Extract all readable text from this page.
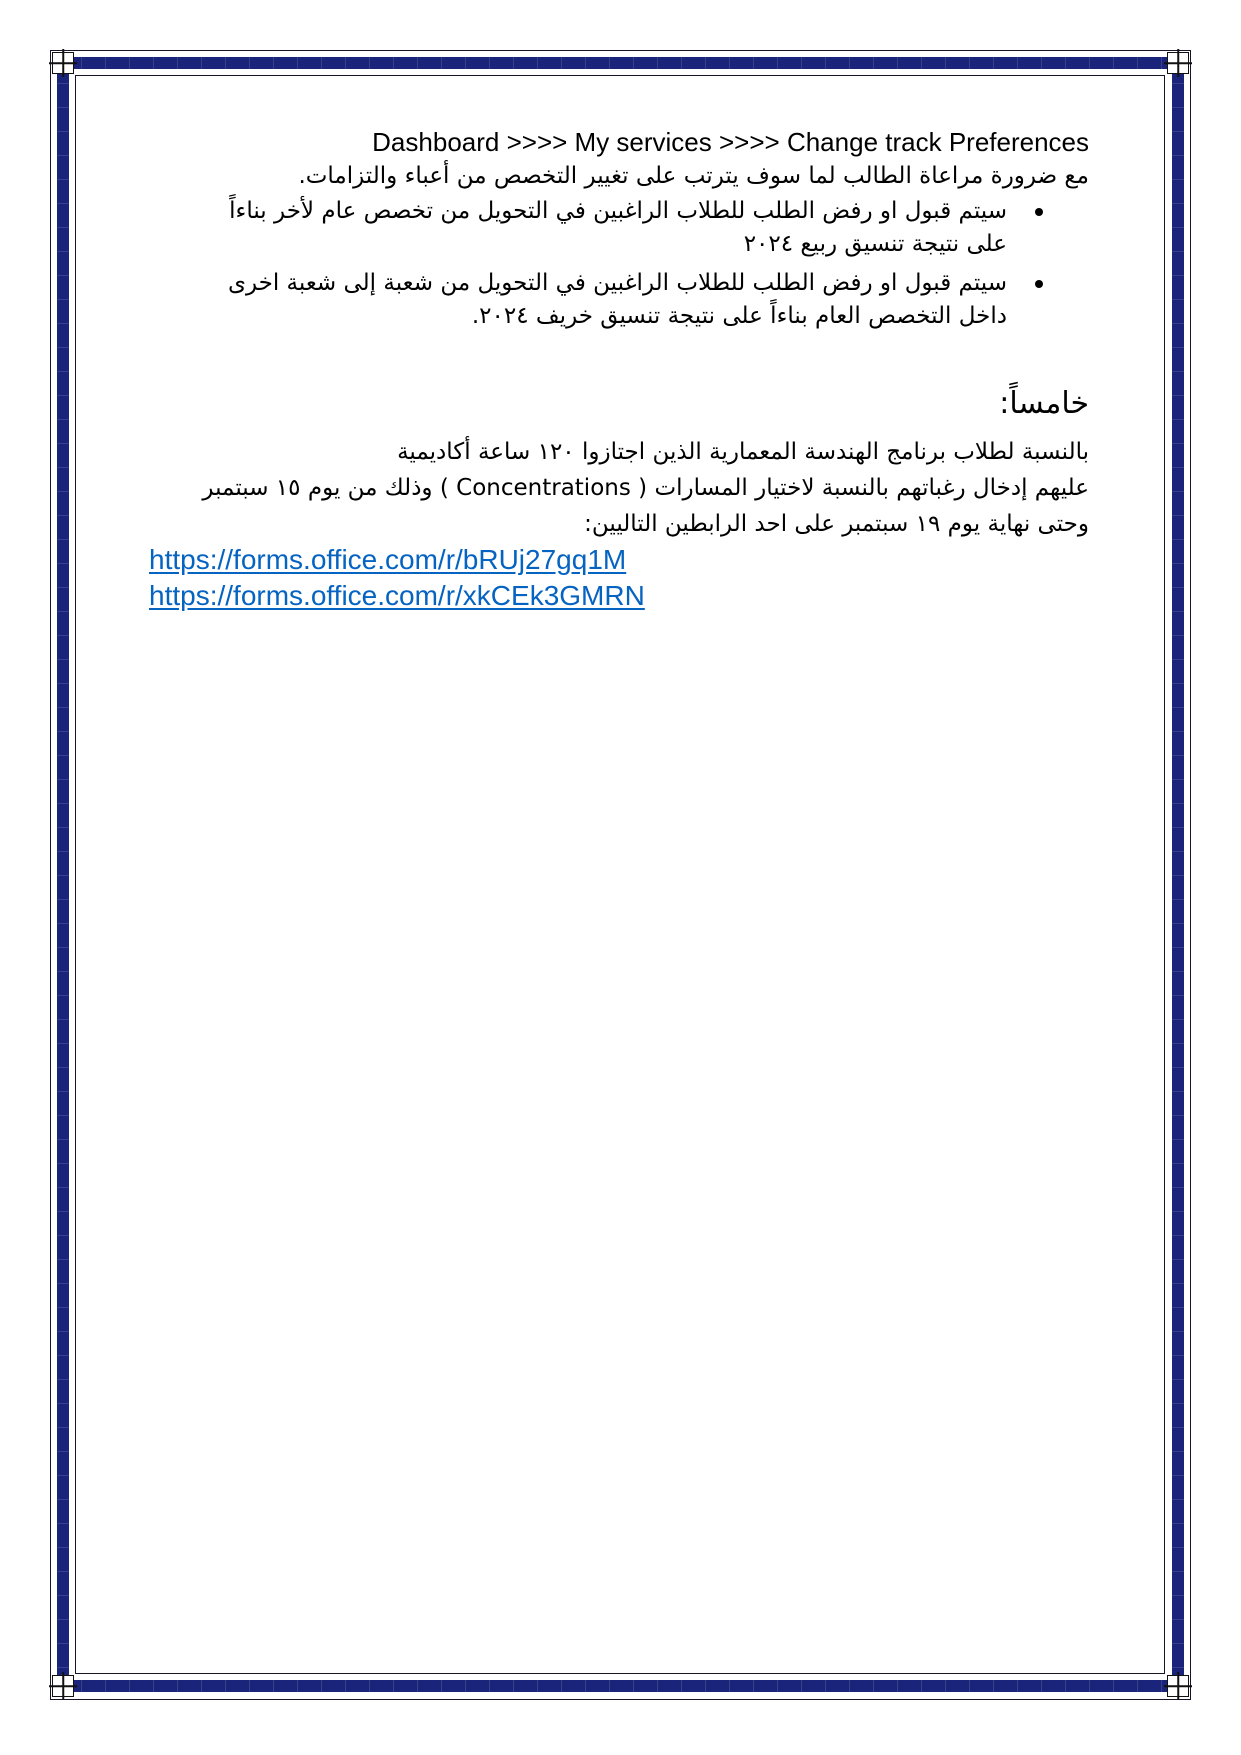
Dashboard >>>> My services >>>> Change track Preferences
مع ضرورة مراعاة الطالب لما سوف يترتب على تغيير التخصص من أعباء والتزامات.
سيتم قبول او رفض الطلب للطلاب الراغبين في التحويل من تخصص عام لأخر بناءاً على نتيجة تنسيق ربيع ٢٠٢٤
سيتم قبول او رفض الطلب للطلاب الراغبين في التحويل من شعبة إلى شعبة اخرى داخل التخصص العام بناءاً على نتيجة تنسيق خريف ٢٠٢٤.
خامساً:
بالنسبة لطلاب برنامج الهندسة المعمارية الذين اجتازوا ١٢٠ ساعة أكاديمية
عليهم إدخال رغباتهم بالنسبة لاختيار المسارات ( Concentrations ) وذلك من يوم ١٥ سبتمبر
وحتى نهاية يوم ١٩ سبتمبر على احد الرابطين التاليين:
https://forms.office.com/r/bRUj27gq1M
https://forms.office.com/r/xkCEk3GMRN
